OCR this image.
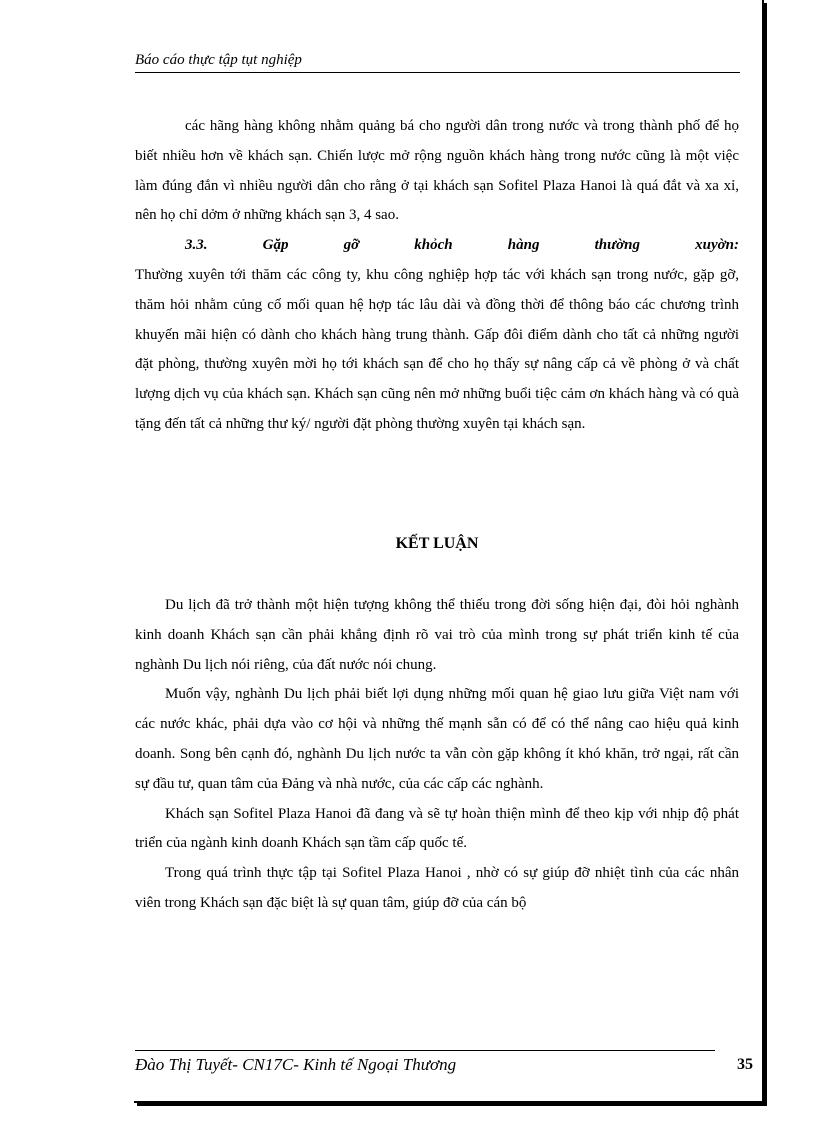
Báo cáo thực tập tụt nghiệp

các hãng hàng không nhằm quảng bá cho người dân trong nước và trong thành phố để họ biết nhiều hơn về khách sạn. Chiến lược mở rộng nguồn khách hàng trong nước cũng là một việc làm đúng đắn vì nhiều người dân cho rằng ở tại khách sạn Sofitel Plaza Hanoi là quá đắt và xa xỉ, nên họ chỉ dởm ở những khách sạn 3, 4 sao.

3.3. Gặp gỡ khỏch hàng thường xuyờn:

Thường xuyên tới thăm các công ty, khu công nghiệp hợp tác với khách sạn trong nước, gặp gỡ, thăm hỏi nhằm củng cố mối quan hệ hợp tác lâu dài và đồng thời để thông báo các chương trình khuyến mãi hiện có dành cho khách hàng trung thành. Gấp đôi điểm dành cho tất cả những người đặt phòng, thường xuyên mời họ tới khách sạn để cho họ thấy sự nâng cấp cả về phòng ở và chất lượng dịch vụ của khách sạn. Khách sạn cũng nên mở những buổi tiệc cảm ơn khách hàng và có quà tặng đến tất cả những thư ký/ người đặt phòng thường xuyên tại khách sạn.

KẾT LUẬN

Du lịch đã trở thành một hiện tượng không thể thiếu trong đời sống hiện đại, đòi hỏi nghành kinh doanh Khách sạn cần phải khẳng định rõ vai trò của mình trong sự phát triển kinh tế của nghành Du lịch nói riêng, của đất nước nói chung.

Muốn vậy, nghành Du lịch phải biết lợi dụng những mối quan hệ giao lưu giữa Việt nam với các nước khác, phải dựa vào cơ hội và những thế mạnh sẵn có để có thể nâng cao hiệu quả kinh doanh. Song bên cạnh đó, nghành Du lịch nước ta vẫn còn gặp không ít khó khăn, trở ngại, rất cần sự đầu tư, quan tâm của Đảng và nhà nước, của các cấp các nghành.

Khách sạn Sofitel Plaza Hanoi đã đang và sẽ tự hoàn thiện mình để theo kịp với nhịp độ phát triển của ngành kinh doanh Khách sạn tầm cấp quốc tế.

Trong quá trình thực tập tại Sofitel Plaza Hanoi , nhờ có sự giúp đỡ nhiệt tình của các nhân viên trong Khách sạn đặc biệt là sự quan tâm, giúp đỡ của cán bộ

Đào Thị Tuyết- CN17C- Kinh tế Ngoại Thương	35
